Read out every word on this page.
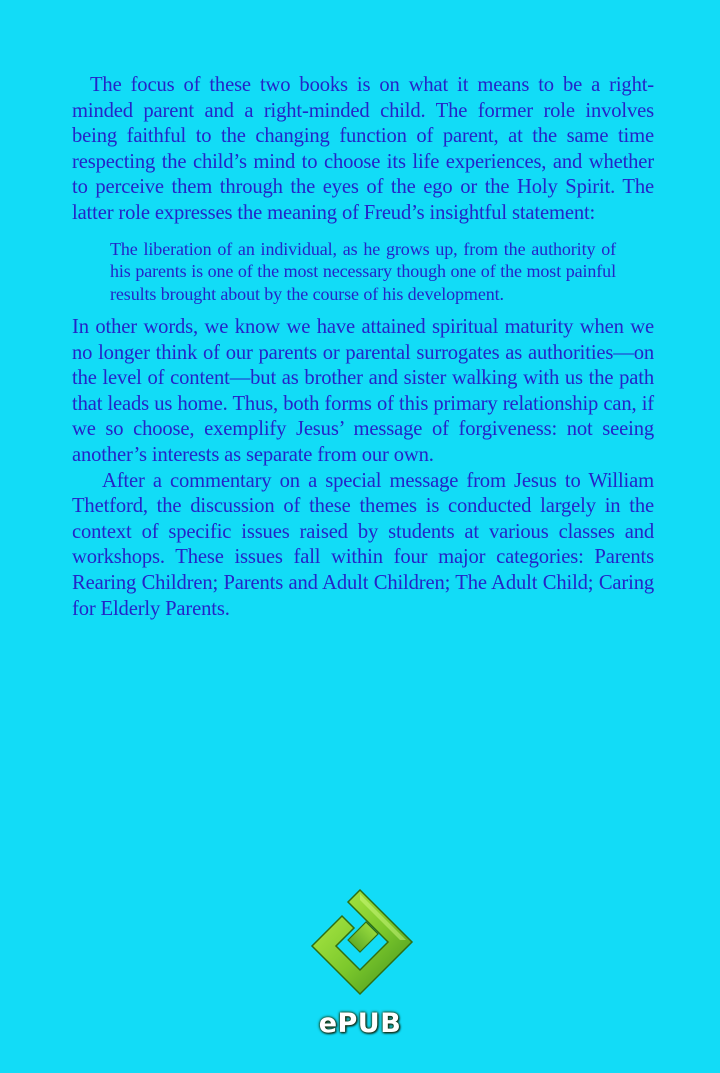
The focus of these two books is on what it means to be a right-minded parent and a right-minded child. The former role involves being faithful to the changing function of parent, at the same time respecting the child’s mind to choose its life experiences, and whether to perceive them through the eyes of the ego or the Holy Spirit. The latter role expresses the meaning of Freud’s insightful statement:

The liberation of an individual, as he grows up, from the authority of his parents is one of the most necessary though one of the most painful results brought about by the course of his development.

In other words, we know we have attained spiritual maturity when we no longer think of our parents or parental surrogates as authorities—on the level of content—but as brother and sister walking with us the path that leads us home. Thus, both forms of this primary relationship can, if we so choose, exemplify Jesus’ message of forgiveness: not seeing another’s interests as separate from our own.

After a commentary on a special message from Jesus to William Thetford, the discussion of these themes is conducted largely in the context of specific issues raised by students at various classes and workshops. These issues fall within four major categories: Parents Rearing Children; Parents and Adult Children; The Adult Child; Caring for Elderly Parents.

ePUB
